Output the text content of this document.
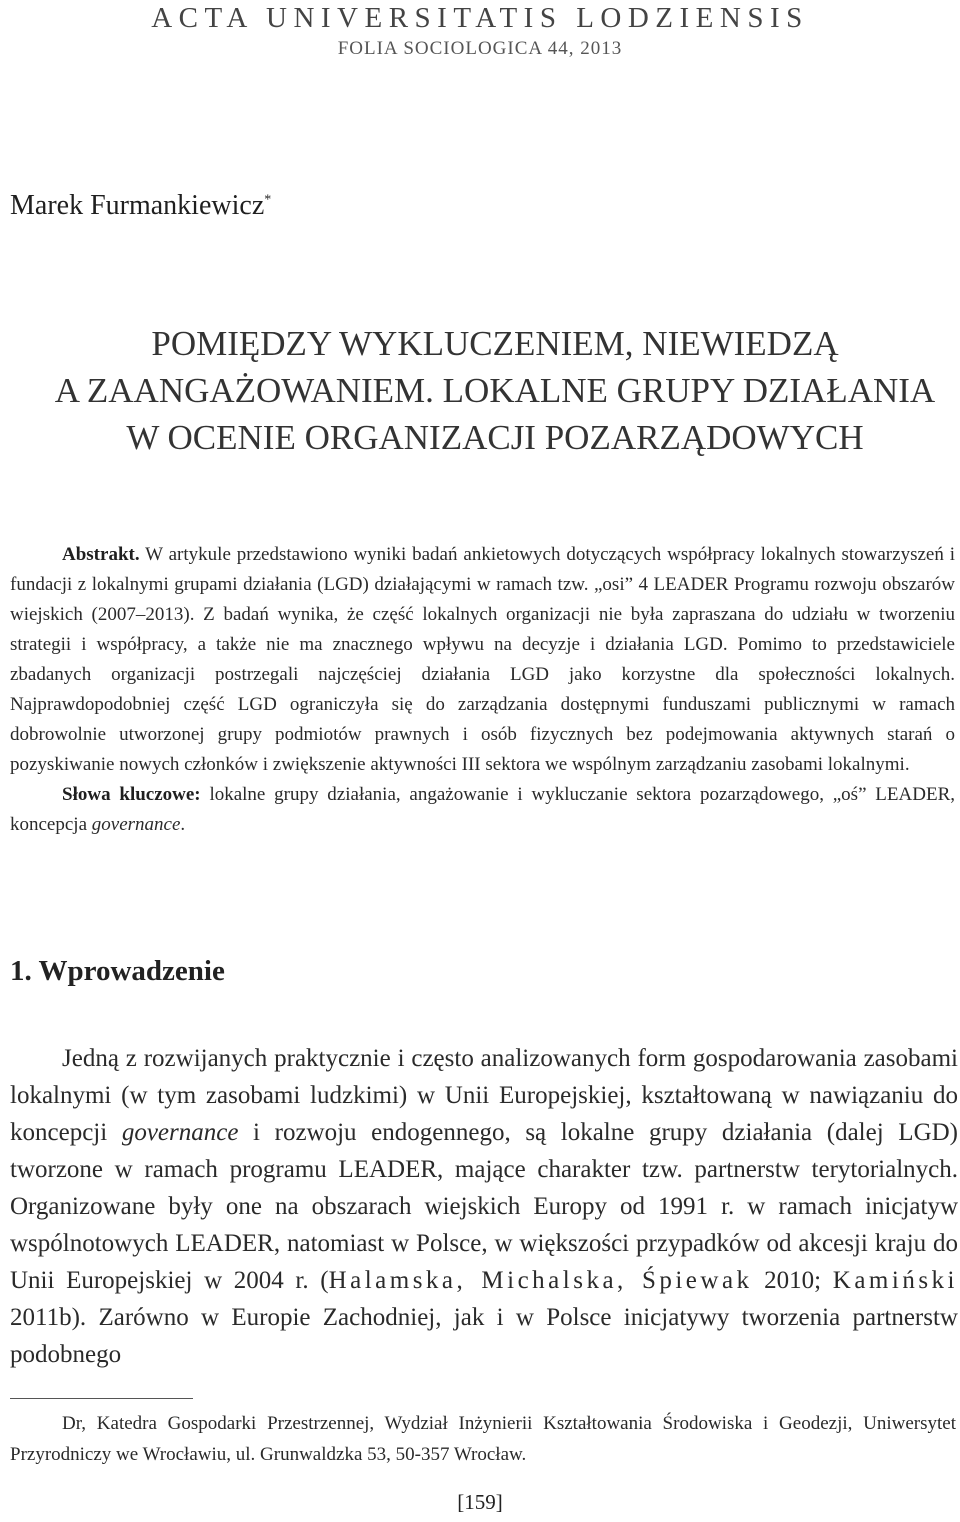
ACTA UNIVERSITATIS LODZIENSIS
FOLIA SOCIOLOGICA 44, 2013
Marek Furmankiewicz*
POMIĘDZY WYKLUCZENIEM, NIEWIEDZĄ
A ZAANGAŻOWANIEM. LOKALNE GRUPY DZIAŁANIA
W OCENIE ORGANIZACJI POZARZĄDOWYCH

Abstrakt. W artykule przedstawiono wyniki badań ankietowych dotyczących współpracy lokalnych stowarzyszeń i fundacji z lokalnymi grupami działania (LGD) działającymi w ramach tzw. „osi” 4 LEADER Programu rozwoju obszarów wiejskich (2007–2013). Z badań wynika, że część lokalnych organizacji nie była zapraszana do udziału w tworzeniu strategii i współpracy, a także nie ma znacznego wpływu na decyzje i działania LGD. Pomimo to przedstawiciele zbadanych organizacji postrzegali najczęściej działania LGD jako korzystne dla społeczności lokalnych. Najprawdopodobniej część LGD ograniczyła się do zarządzania dostępnymi funduszami publicznymi w ramach dobrowolnie utworzonej grupy podmiotów prawnych i osób fizycznych bez podejmowania aktywnych starań o pozyskiwanie nowych członków i zwiększenie aktywności III sektora we wspólnym zarządzaniu zasobami lokalnymi.

Słowa kluczowe: lokalne grupy działania, angażowanie i wykluczanie sektora pozarządowego, „oś” LEADER, koncepcja governance.

1. Wprowadzenie

Jedną z rozwijanych praktycznie i często analizowanych form gospodarowania zasobami lokalnymi (w tym zasobami ludzkimi) w Unii Europejskiej, kształtowaną w nawiązaniu do koncepcji governance i rozwoju endogennego, są lokalne grupy działania (dalej LGD) tworzone w ramach programu LEADER, mające charakter tzw. partnerstw terytorialnych. Organizowane były one na obszarach wiejskich Europy od 1991 r. w ramach inicjatyw wspólnotowych LEADER, natomiast w Polsce, w większości przypadków od akcesji kraju do Unii Europejskiej w 2004 r. (Halamska, Michalska, Śpiewak 2010; Kamiński 2011b). Zarówno w Europie Zachodniej, jak i w Polsce inicjatywy tworzenia partnerstw podobnego

Dr, Katedra Gospodarki Przestrzennej, Wydział Inżynierii Kształtowania Środowiska i Geodezji, Uniwersytet Przyrodniczy we Wrocławiu, ul. Grunwaldzka 53, 50-357 Wrocław.

[159]
